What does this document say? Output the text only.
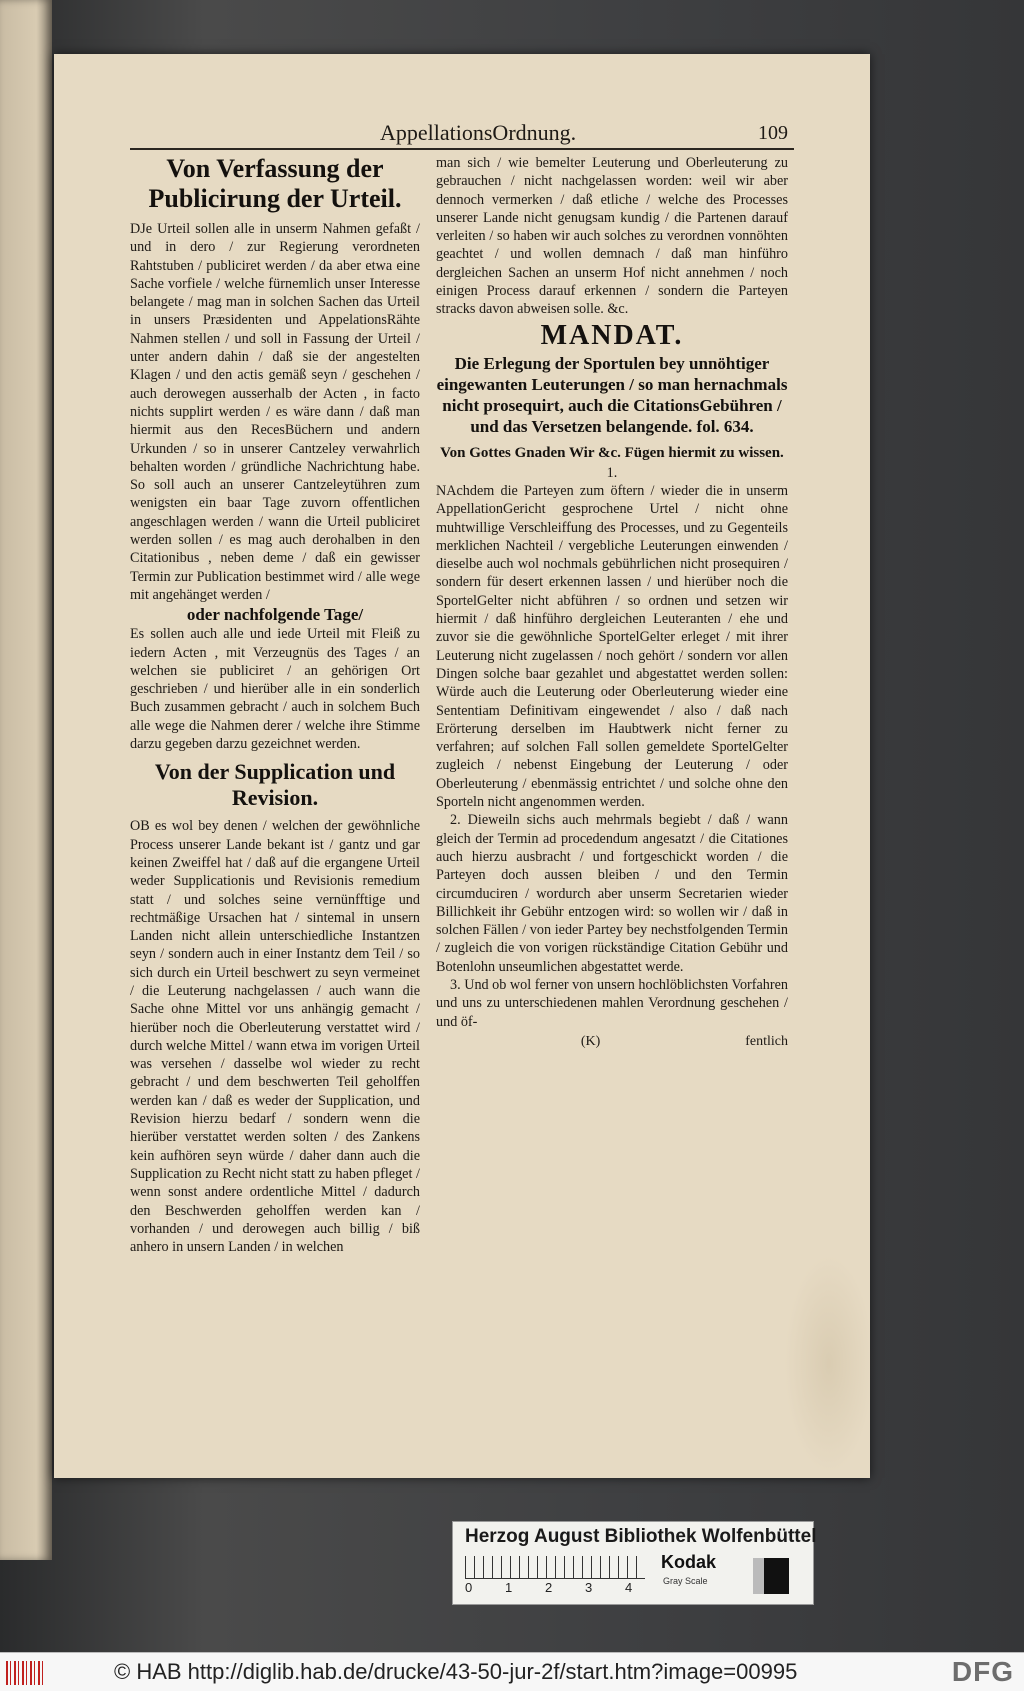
AppellationsOrdnung.	109

Von Verfassung der Publicirung der Urteil.

DJe Urteil sollen alle in unserm Nahmen gefaßt / und in dero / zur Regierung verordneten Rahtstuben / publiciret werden / da aber etwa eine Sache vorfiele / welche fürnemlich unser Interesse belangete / mag man in solchen Sachen das Urteil in unsers Præsidenten und AppelationsRähte Nahmen stellen / und soll in Fassung der Urteil / unter andern dahin / daß sie der angestelten Klagen / und den actis gemäß seyn / geschehen / auch derowegen ausserhalb der Acten , in facto nichts supplirt werden / es wäre dann / daß man hiermit aus den RecesBüchern und andern Urkunden / so in unserer Cantzeley verwahrlich behalten worden / gründliche Nachrichtung habe. So soll auch an unserer Cantzeleytühren zum wenigsten ein baar Tage zuvorn offentlichen angeschlagen werden / wann die Urteil publiciret werden sollen / es mag auch derohalben in den Citationibus , neben deme / daß ein gewisser Termin zur Publication bestimmet wird / alle wege mit angehänget werden /

oder nachfolgende Tage/

Es sollen auch alle und iede Urteil mit Fleiß zu iedern Acten , mit Verzeugnüs des Tages / an welchen sie publiciret / an gehörigen Ort geschrieben / und hierüber alle in ein sonderlich Buch zusammen gebracht / auch in solchem Buch alle wege die Nahmen derer / welche ihre Stimme darzu gegeben darzu gezeichnet werden.

Von der Supplication und Revision.

OB es wol bey denen / welchen der gewöhnliche Process unserer Lande bekant ist / gantz und gar keinen Zweiffel hat / daß auf die ergangene Urteil weder Supplicationis und Revisionis remedium statt / und solches seine vernünfftige und rechtmäßige Ursachen hat / sintemal in unsern Landen nicht allein unterschiedliche Instantzen seyn / sondern auch in einer Instantz dem Teil / so sich durch ein Urteil beschwert zu seyn vermeinet / die Leuterung nachgelassen / auch wann die Sache ohne Mittel vor uns anhängig gemacht / hierüber noch die Oberleuterung verstattet wird / durch welche Mittel / wann etwa im vorigen Urteil was versehen / dasselbe wol wieder zu recht gebracht / und dem beschwerten Teil geholffen werden kan / daß es weder der Supplication, und Revision hierzu bedarf / sondern wenn die hierüber verstattet werden solten / des Zankens kein aufhören seyn würde / daher dann auch die Supplication zu Recht nicht statt zu haben pfleget / wenn sonst andere ordentliche Mittel / dadurch den Beschwerden geholffen werden kan / vorhanden / und derowegen auch billig / biß anhero in unsern Landen / in welchen

man sich / wie bemelter Leuterung und Oberleuterung zu gebrauchen / nicht nachgelassen worden: weil wir aber dennoch vermerken / daß etliche / welche des Processes unserer Lande nicht genugsam kundig / die Partenen darauf verleiten / so haben wir auch solches zu verordnen vonnöhten geachtet / und wollen demnach / daß man hinführo dergleichen Sachen an unserm Hof nicht annehmen / noch einigen Process darauf erkennen / sondern die Parteyen stracks davon abweisen solle. &c.

MANDAT.

Die Erlegung der Sportulen bey unnöhtiger eingewanten Leuterungen / so man hernachmals nicht prosequirt, auch die CitationsGebühren / und das Versetzen belangende. fol. 634.

Von Gottes Gnaden Wir &c. Fügen hiermit zu wissen.

1.

NAchdem die Parteyen zum öftern / wieder die in unserm AppellationGericht gesprochene Urtel / nicht ohne muhtwillige Verschleiffung des Processes, und zu Gegenteils merklichen Nachteil / vergebliche Leuterungen einwenden / dieselbe auch wol nochmals gebührlichen nicht prosequiren / sondern für desert erkennen lassen / und hierüber noch die SportelGelter nicht abführen / so ordnen und setzen wir hiermit / daß hinführo dergleichen Leuteranten / ehe und zuvor sie die gewöhnliche SportelGelter erleget / mit ihrer Leuterung nicht zugelassen / noch gehört / sondern vor allen Dingen solche baar gezahlet und abgestattet werden sollen: Würde auch die Leuterung oder Oberleuterung wieder eine Sententiam Definitivam eingewendet / also / daß nach Erörterung derselben im Haubtwerk nicht ferner zu verfahren; auf solchen Fall sollen gemeldete SportelGelter zugleich / nebenst Eingebung der Leuterung / oder Oberleuterung / ebenmässig entrichtet / und solche ohne den Sporteln nicht angenommen werden.

2. Dieweiln sichs auch mehrmals begiebt / daß / wann gleich der Termin ad procedendum angesatzt / die Citationes auch hierzu ausbracht / und fortgeschickt worden / die Parteyen doch aussen bleiben / und den Termin circumduciren / wordurch aber unserm Secretarien wieder Billichkeit ihr Gebühr entzogen wird: so wollen wir / daß in solchen Fällen / von ieder Partey bey nechstfolgenden Termin / zugleich die von vorigen rückständige Citation Gebühr und Botenlohn unseumlichen abgestattet werde.

3. Und ob wol ferner von unsern hochlöblichsten Vorfahren und uns zu unterschiedenen mahlen Verordnung geschehen / und öf-

(K)	fentlich
Herzog August Bibliothek Wolfenbüttel
0	1	2	3	4
Kodak
Gray Scale
© HAB http://diglib.hab.de/drucke/43-50-jur-2f/start.htm?image=00995	DFG
